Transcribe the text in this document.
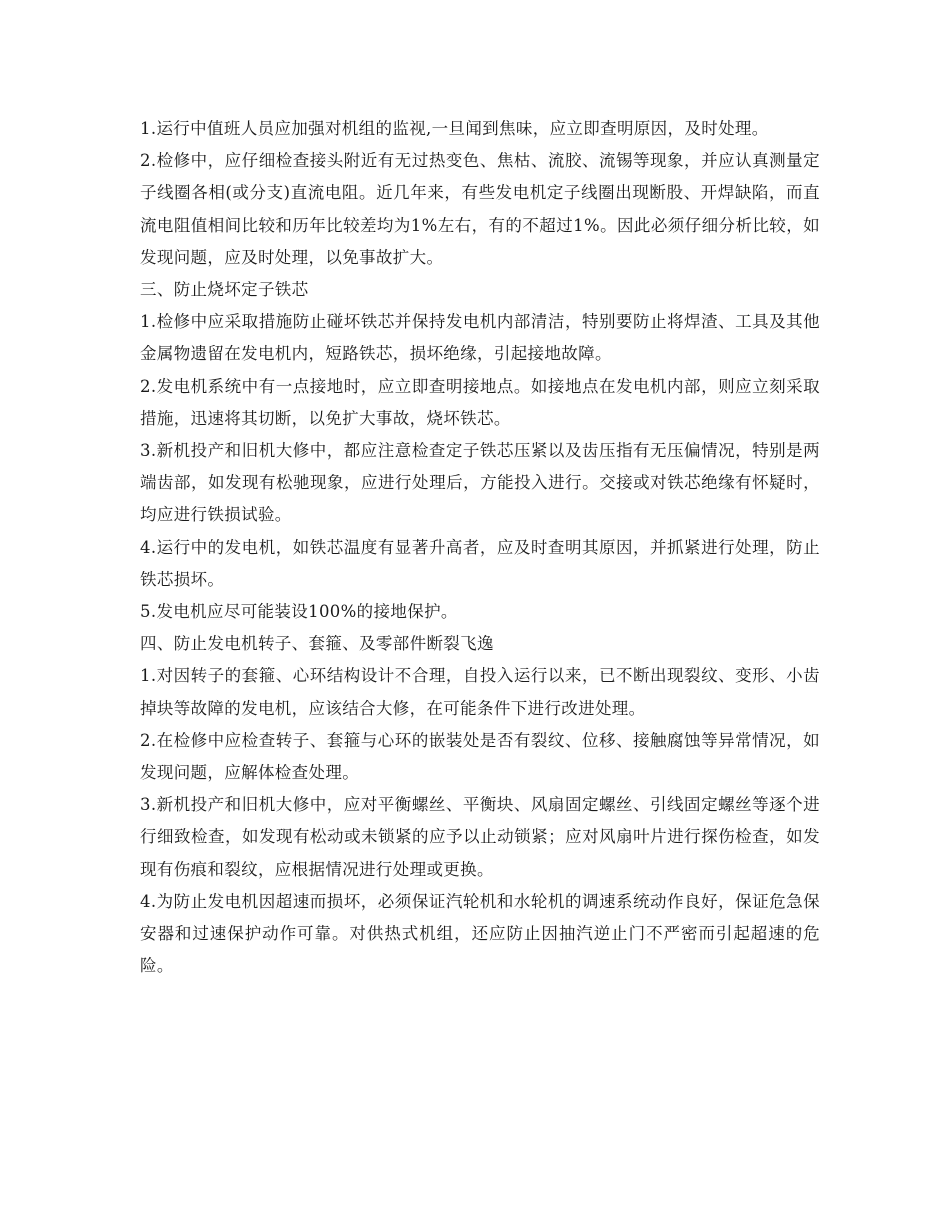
1.运行中值班人员应加强对机组的监视,一旦闻到焦味，应立即查明原因，及时处理。

2.检修中，应仔细检查接头附近有无过热变色、焦枯、流胶、流锡等现象，并应认真测量定子线圈各相(或分支)直流电阻。近几年来，有些发电机定子线圈出现断股、开焊缺陷，而直流电阻值相间比较和历年比较差均为1%左右，有的不超过1%。因此必须仔细分析比较，如发现问题，应及时处理，以免事故扩大。

三、防止烧坏定子铁芯

1.检修中应采取措施防止碰坏铁芯并保持发电机内部清洁，特别要防止将焊渣、工具及其他金属物遗留在发电机内，短路铁芯，损坏绝缘，引起接地故障。

2.发电机系统中有一点接地时，应立即查明接地点。如接地点在发电机内部，则应立刻采取措施，迅速将其切断，以免扩大事故，烧坏铁芯。

3.新机投产和旧机大修中，都应注意检查定子铁芯压紧以及齿压指有无压偏情况，特别是两端齿部，如发现有松驰现象，应进行处理后，方能投入进行。交接或对铁芯绝缘有怀疑时，均应进行铁损试验。

4.运行中的发电机，如铁芯温度有显著升高者，应及时查明其原因，并抓紧进行处理，防止铁芯损坏。

5.发电机应尽可能装设100%的接地保护。

四、防止发电机转子、套箍、及零部件断裂飞逸

1.对因转子的套箍、心环结构设计不合理，自投入运行以来，已不断出现裂纹、变形、小齿掉块等故障的发电机，应该结合大修，在可能条件下进行改进处理。

2.在检修中应检查转子、套箍与心环的嵌装处是否有裂纹、位移、接触腐蚀等异常情况，如发现问题，应解体检查处理。

3.新机投产和旧机大修中，应对平衡螺丝、平衡块、风扇固定螺丝、引线固定螺丝等逐个进行细致检查，如发现有松动或未锁紧的应予以止动锁紧；应对风扇叶片进行探伤检查，如发现有伤痕和裂纹，应根据情况进行处理或更换。

4.为防止发电机因超速而损坏，必须保证汽轮机和水轮机的调速系统动作良好，保证危急保安器和过速保护动作可靠。对供热式机组，还应防止因抽汽逆止门不严密而引起超速的危险。
